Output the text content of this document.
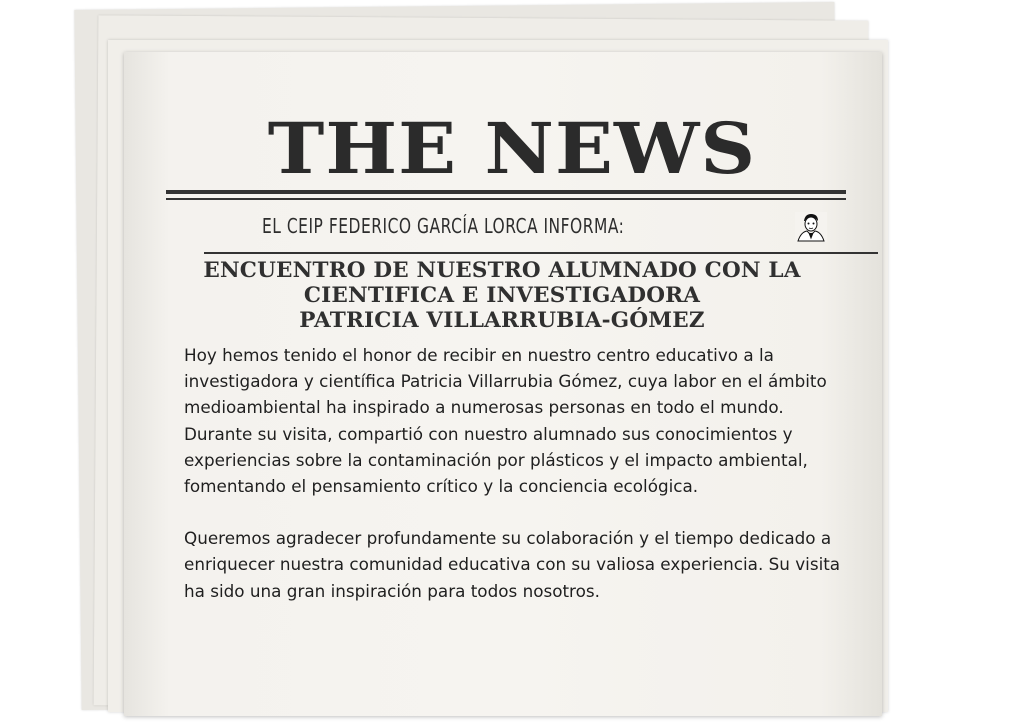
THE NEWS
EL CEIP FEDERICO GARCÍA LORCA INFORMA:
ENCUENTRO DE NUESTRO ALUMNADO CON LA
CIENTIFICA E INVESTIGADORA
PATRICIA VILLARRUBIA-GÓMEZ

Hoy hemos tenido el honor de recibir en nuestro centro educativo a la investigadora y científica Patricia Villarrubia Gómez, cuya labor en el ámbito medioambiental ha inspirado a numerosas personas en todo el mundo. Durante su visita, compartió con nuestro alumnado sus conocimientos y experiencias sobre la contaminación por plásticos y el impacto ambiental, fomentando el pensamiento crítico y la conciencia ecológica.

Queremos agradecer profundamente su colaboración y el tiempo dedicado a enriquecer nuestra comunidad educativa con su valiosa experiencia. Su visita ha sido una gran inspiración para todos nosotros.
